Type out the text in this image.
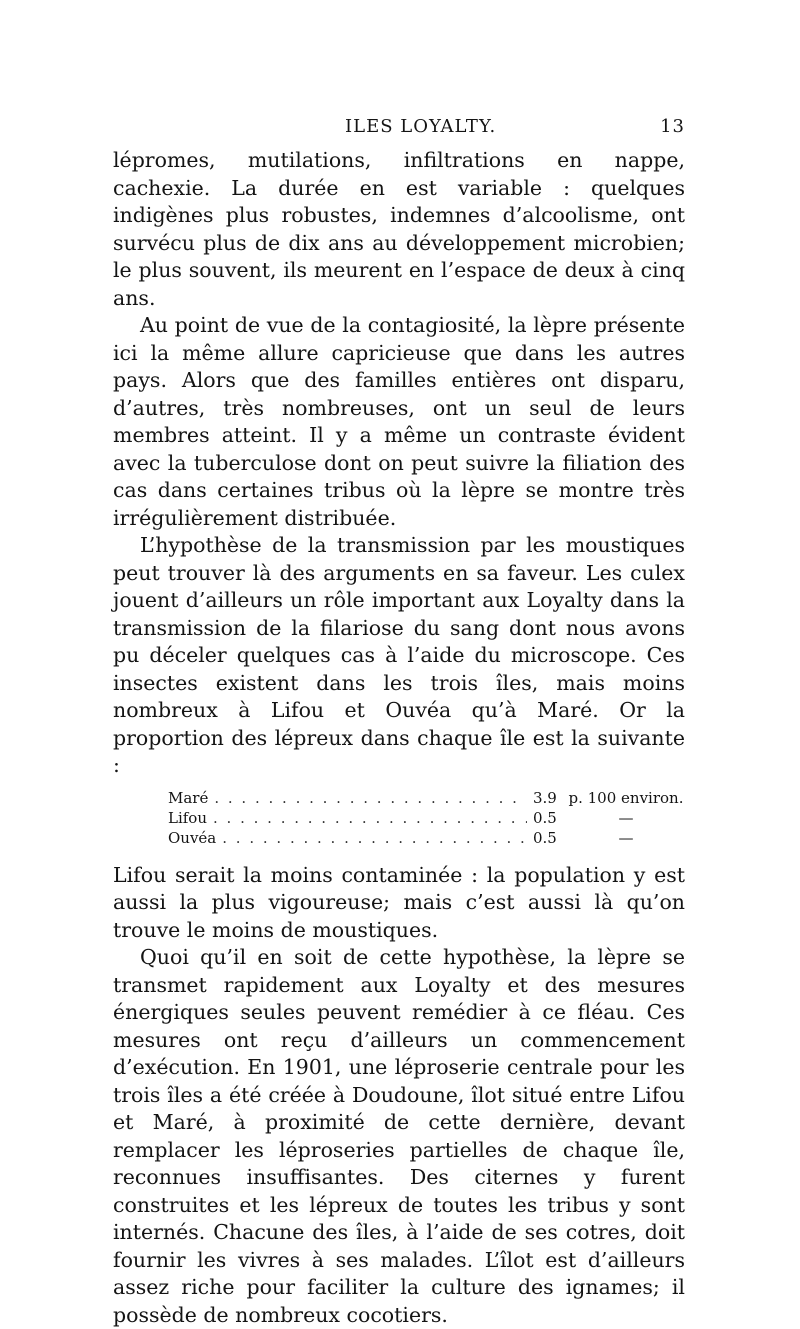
ILES LOYALTY.	13

lépromes, mutilations, infiltrations en nappe, cachexie. La durée en est variable : quelques indigènes plus robustes, indemnes d’alcoolisme, ont survécu plus de dix ans au développement microbien; le plus souvent, ils meurent en l’espace de deux à cinq ans.

Au point de vue de la contagiosité, la lèpre présente ici la même allure capricieuse que dans les autres pays. Alors que des familles entières ont disparu, d’autres, très nombreuses, ont un seul de leurs membres atteint. Il y a même un contraste évident avec la tuberculose dont on peut suivre la filiation des cas dans certaines tribus où la lèpre se montre très irrégulièrement distribuée.

L’hypothèse de la transmission par les moustiques peut trouver là des arguments en sa faveur. Les culex jouent d’ailleurs un rôle important aux Loyalty dans la transmission de la filariose du sang dont nous avons pu déceler quelques cas à l’aide du microscope. Ces insectes existent dans les trois îles, mais moins nombreux à Lifou et Ouvéa qu’à Maré. Or la proportion des lépreux dans chaque île est la suivante :

Maré . . .	3.9 p. 100 environ.
Lifou . . .	0.5	—
Ouvéa . . .	0.5	—

Lifou serait la moins contaminée : la population y est aussi la plus vigoureuse; mais c’est aussi là qu’on trouve le moins de moustiques.

Quoi qu’il en soit de cette hypothèse, la lèpre se transmet rapidement aux Loyalty et des mesures énergiques seules peuvent remédier à ce fléau. Ces mesures ont reçu d’ailleurs un commencement d’exécution. En 1901, une léproserie centrale pour les trois îles a été créée à Doudoune, îlot situé entre Lifou et Maré, à proximité de cette dernière, devant remplacer les léproseries partielles de chaque île, reconnues insuffisantes. Des citernes y furent construites et les lépreux de toutes les tribus y sont internés. Chacune des îles, à l’aide de ses cotres, doit fournir les vivres à ses malades. L’îlot est d’ailleurs assez riche pour faciliter la culture des ignames; il possède de nombreux cocotiers.
